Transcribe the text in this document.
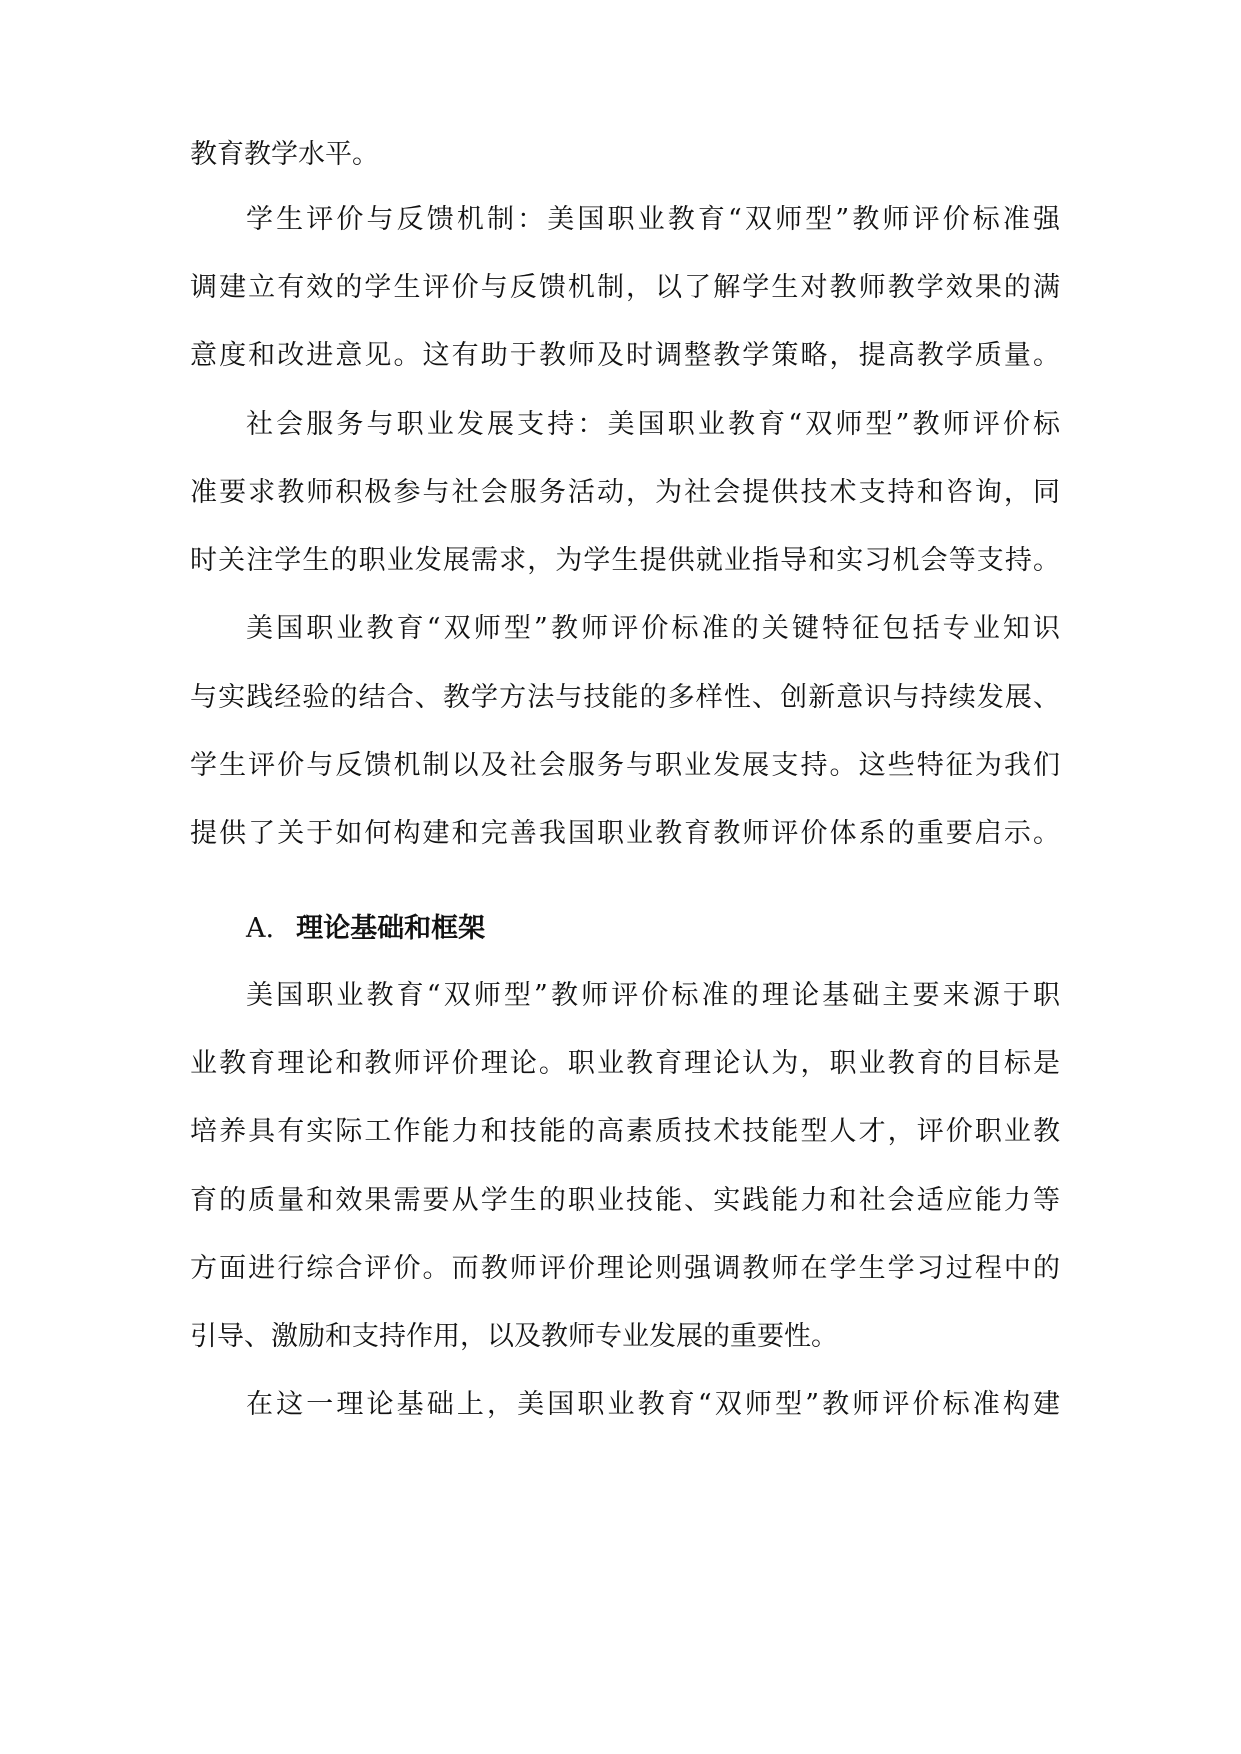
教育教学水平。
学生评价与反馈机制：美国职业教育“双师型”教师评价标准强
调建立有效的学生评价与反馈机制，以了解学生对教师教学效果的满
意度和改进意见。这有助于教师及时调整教学策略，提高教学质量。
社会服务与职业发展支持：美国职业教育“双师型”教师评价标
准要求教师积极参与社会服务活动，为社会提供技术支持和咨询，同
时关注学生的职业发展需求，为学生提供就业指导和实习机会等支持。
美国职业教育“双师型”教师评价标准的关键特征包括专业知识
与实践经验的结合、教学方法与技能的多样性、创新意识与持续发展、
学生评价与反馈机制以及社会服务与职业发展支持。这些特征为我们
提供了关于如何构建和完善我国职业教育教师评价体系的重要启示。
A. 理论基础和框架
美国职业教育“双师型”教师评价标准的理论基础主要来源于职
业教育理论和教师评价理论。职业教育理论认为，职业教育的目标是
培养具有实际工作能力和技能的高素质技术技能型人才，评价职业教
育的质量和效果需要从学生的职业技能、实践能力和社会适应能力等
方面进行综合评价。而教师评价理论则强调教师在学生学习过程中的
引导、激励和支持作用，以及教师专业发展的重要性。
在这一理论基础上，美国职业教育“双师型”教师评价标准构建
